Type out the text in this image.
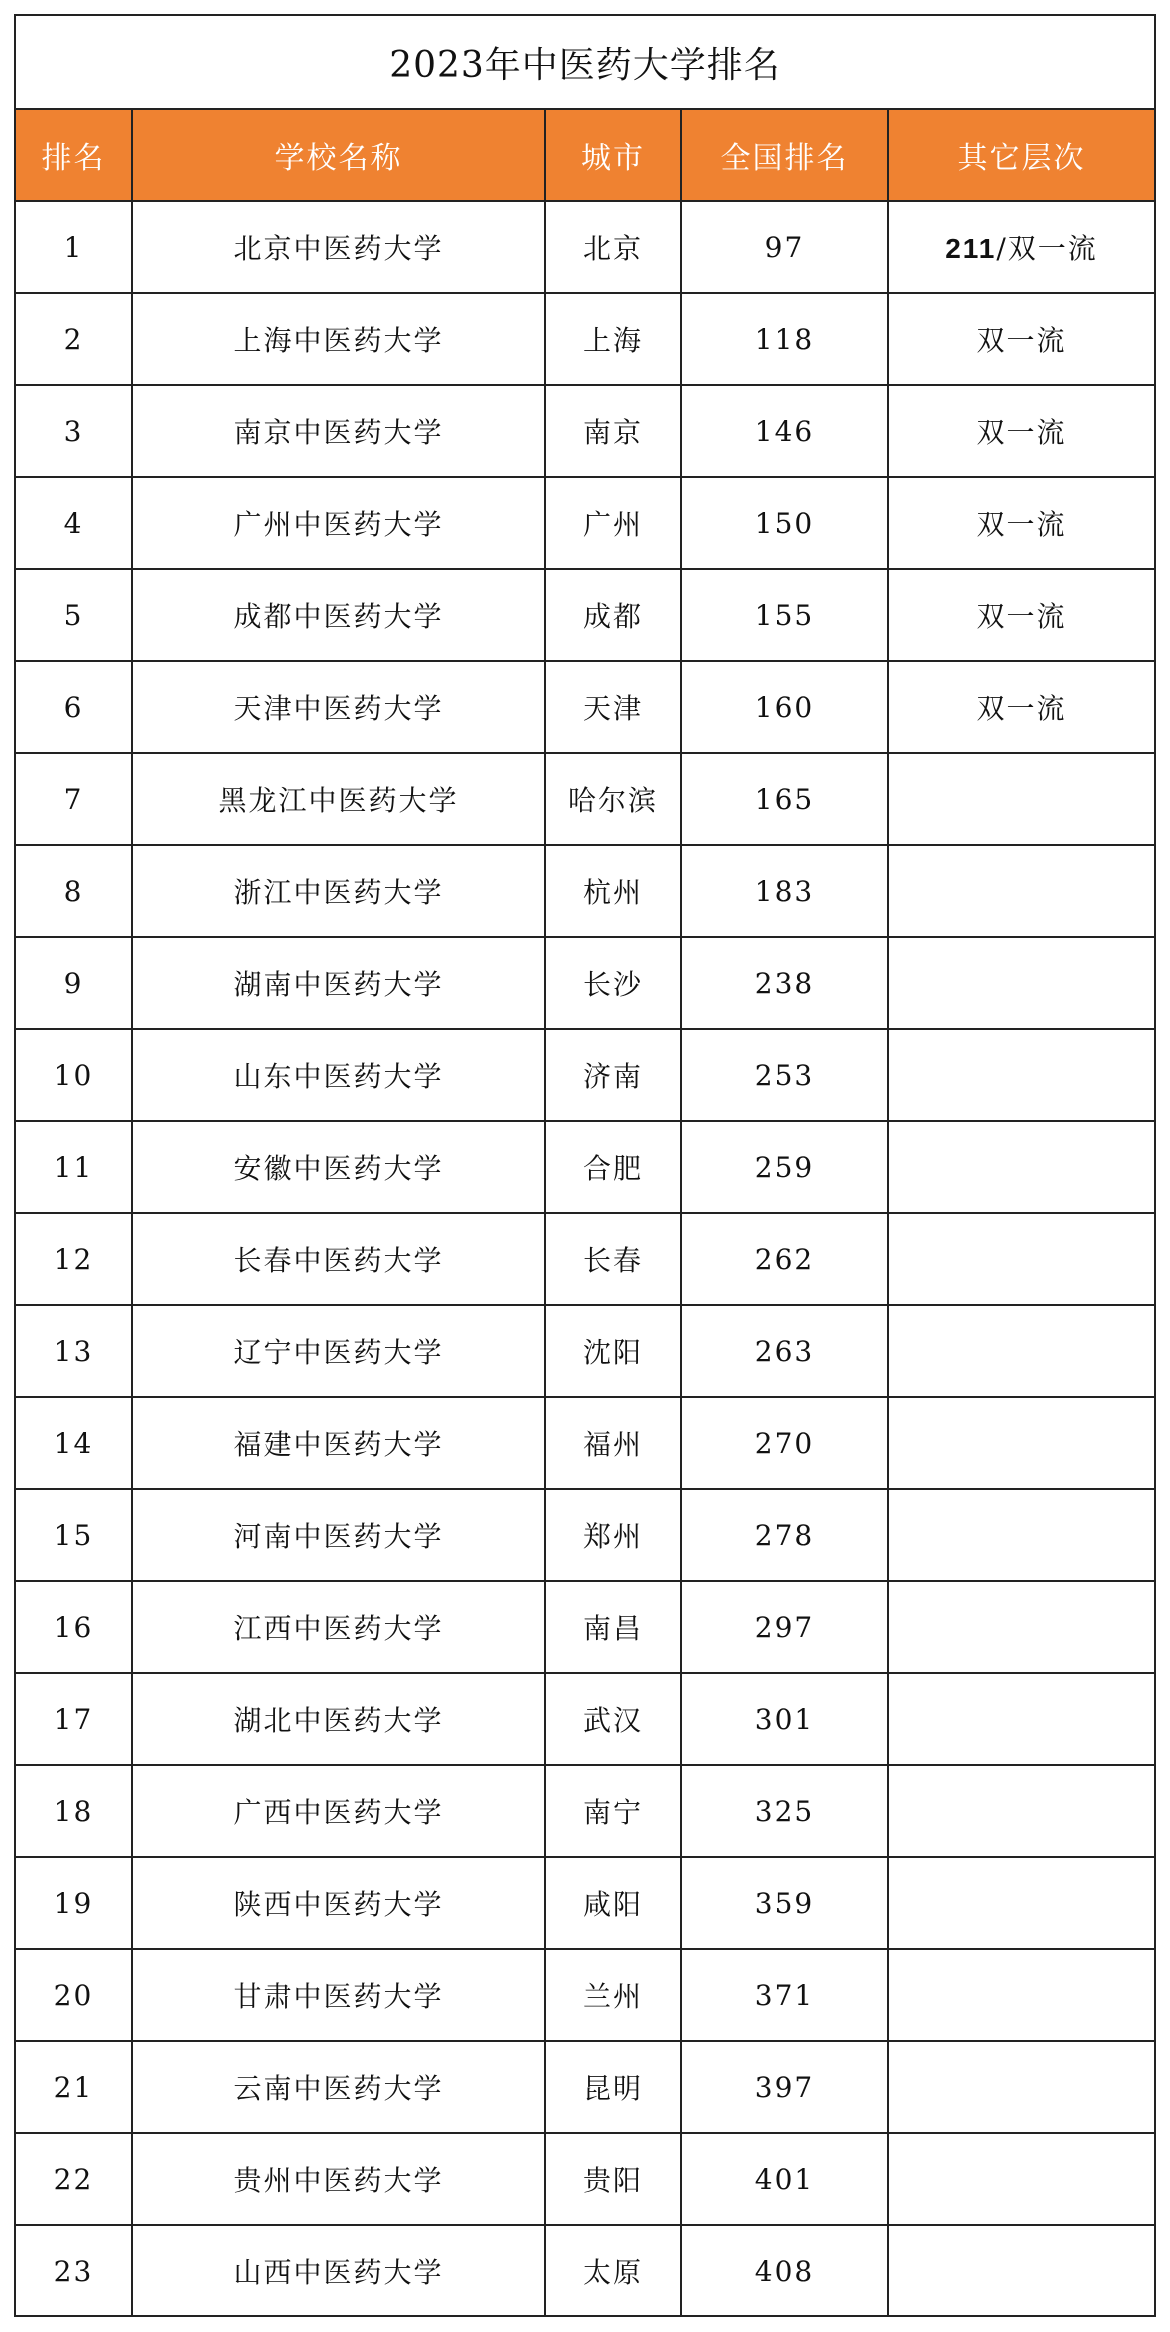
2023年中医药大学排名
排名	学校名称	城市	全国排名	其它层次
1	北京中医药大学	北京	97	211/双一流
2	上海中医药大学	上海	118	双一流
3	南京中医药大学	南京	146	双一流
4	广州中医药大学	广州	150	双一流
5	成都中医药大学	成都	155	双一流
6	天津中医药大学	天津	160	双一流
7	黑龙江中医药大学	哈尔滨	165	
8	浙江中医药大学	杭州	183	
9	湖南中医药大学	长沙	238	
10	山东中医药大学	济南	253	
11	安徽中医药大学	合肥	259	
12	长春中医药大学	长春	262	
13	辽宁中医药大学	沈阳	263	
14	福建中医药大学	福州	270	
15	河南中医药大学	郑州	278	
16	江西中医药大学	南昌	297	
17	湖北中医药大学	武汉	301	
18	广西中医药大学	南宁	325	
19	陕西中医药大学	咸阳	359	
20	甘肃中医药大学	兰州	371	
21	云南中医药大学	昆明	397	
22	贵州中医药大学	贵阳	401	
23	山西中医药大学	太原	408	
